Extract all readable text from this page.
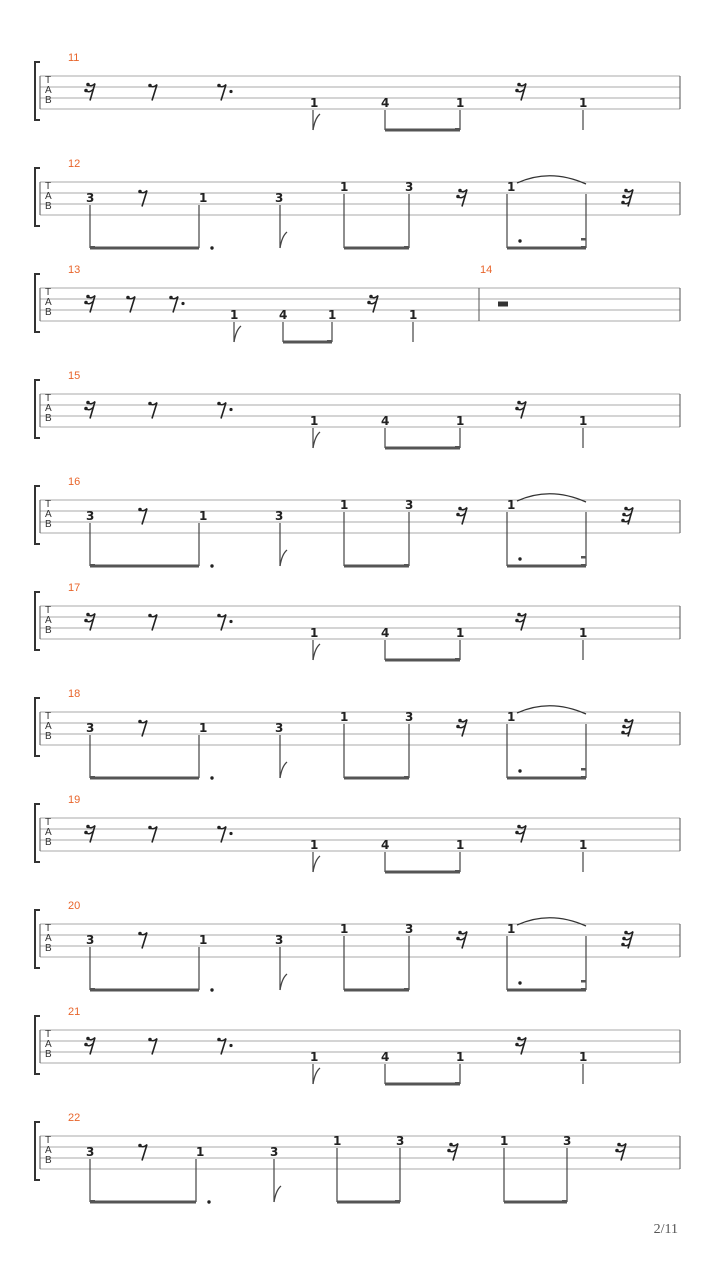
T
A
B
11
1	4	1	1
T
A
B
12
3	1	3
1	3	1
T
A
B
13
1	4	1	1
14
T
A
B
15
1	4	1	1
T
A
B
16
3	1	3
1	3	1
T
A
B
17
1	4	1	1
T
A
B
18
3	1	3
1	3	1
T
A
B
19
1	4	1	1
T
A
B
20
3	1	3
1	3	1
T
A
B
21
1	4	1	1
T
A
B
22
3	1	3
1	3	1	3
2/11
